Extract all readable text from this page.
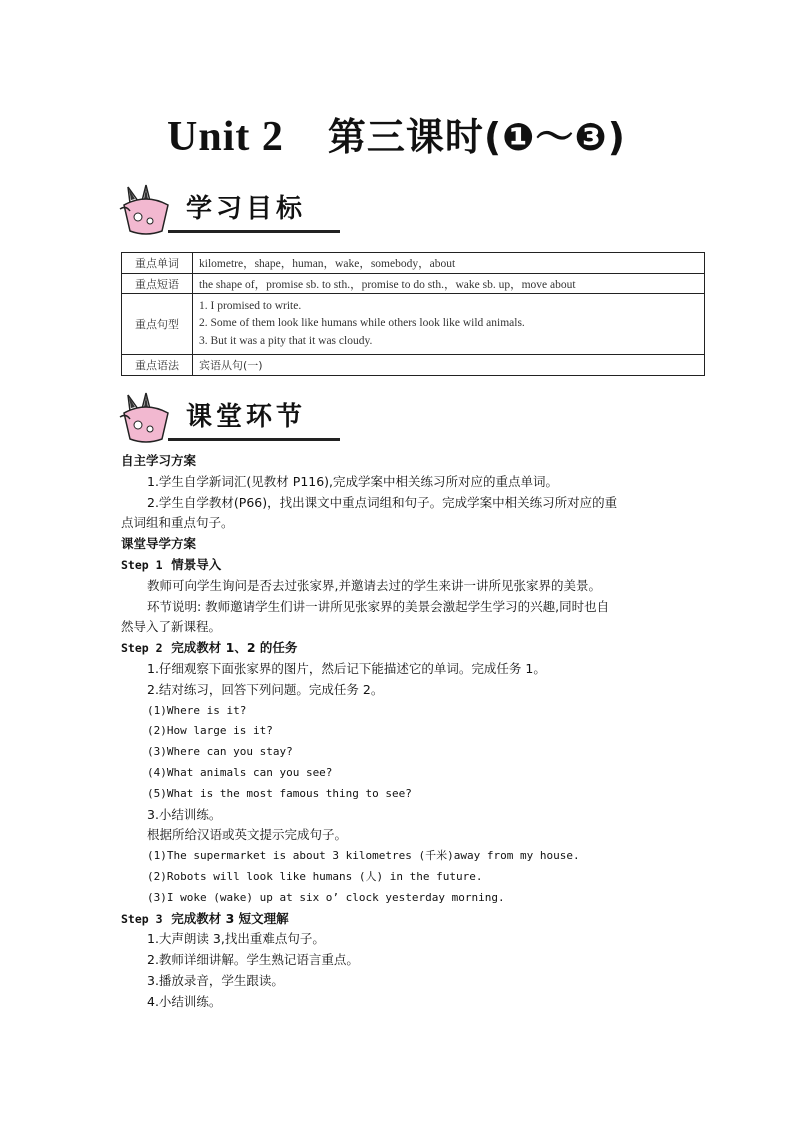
Unit 2 第三课时(❶～❸)
学习目标
重点单词	kilometre，shape，human，wake，somebody，about
重点短语	the shape of，promise sb. to sth.，promise to do sth.，wake sb. up，move about
重点句型	1. I promised to write.
2. Some of them look like humans while others look like wild animals.
3. But it was a pity that it was cloudy.

重点语法	宾语从句(一)
课堂环节
自主学习方案
1.学生自学新词汇(见教材 P116),完成学案中相关练习所对应的重点单词。
2.学生自学教材(P66)，找出课文中重点词组和句子。完成学案中相关练习所对应的重
点词组和重点句子。
课堂导学方案
Step 1 情景导入
教师可向学生询问是否去过张家界,并邀请去过的学生来讲一讲所见张家界的美景。
环节说明: 教师邀请学生们讲一讲所见张家界的美景会激起学生学习的兴趣,同时也自
然导入了新课程。
Step 2 完成教材 1、2 的任务
1.仔细观察下面张家界的图片，然后记下能描述它的单词。完成任务 1。
2.结对练习，回答下列问题。完成任务 2。
(1)Where is it?
(2)How large is it?
(3)Where can you stay?
(4)What animals can you see?
(5)What is the most famous thing to see?
3.小结训练。
根据所给汉语或英文提示完成句子。
(1)The supermarket is about 3 kilometres (千米)away from my house.
(2)Robots will look like humans (人) in the future.
(3)I woke (wake) up at six o’ clock yesterday morning.
Step 3 完成教材 3 短文理解
1.大声朗读 3,找出重难点句子。
2.教师详细讲解。学生熟记语言重点。
3.播放录音，学生跟读。
4.小结训练。
